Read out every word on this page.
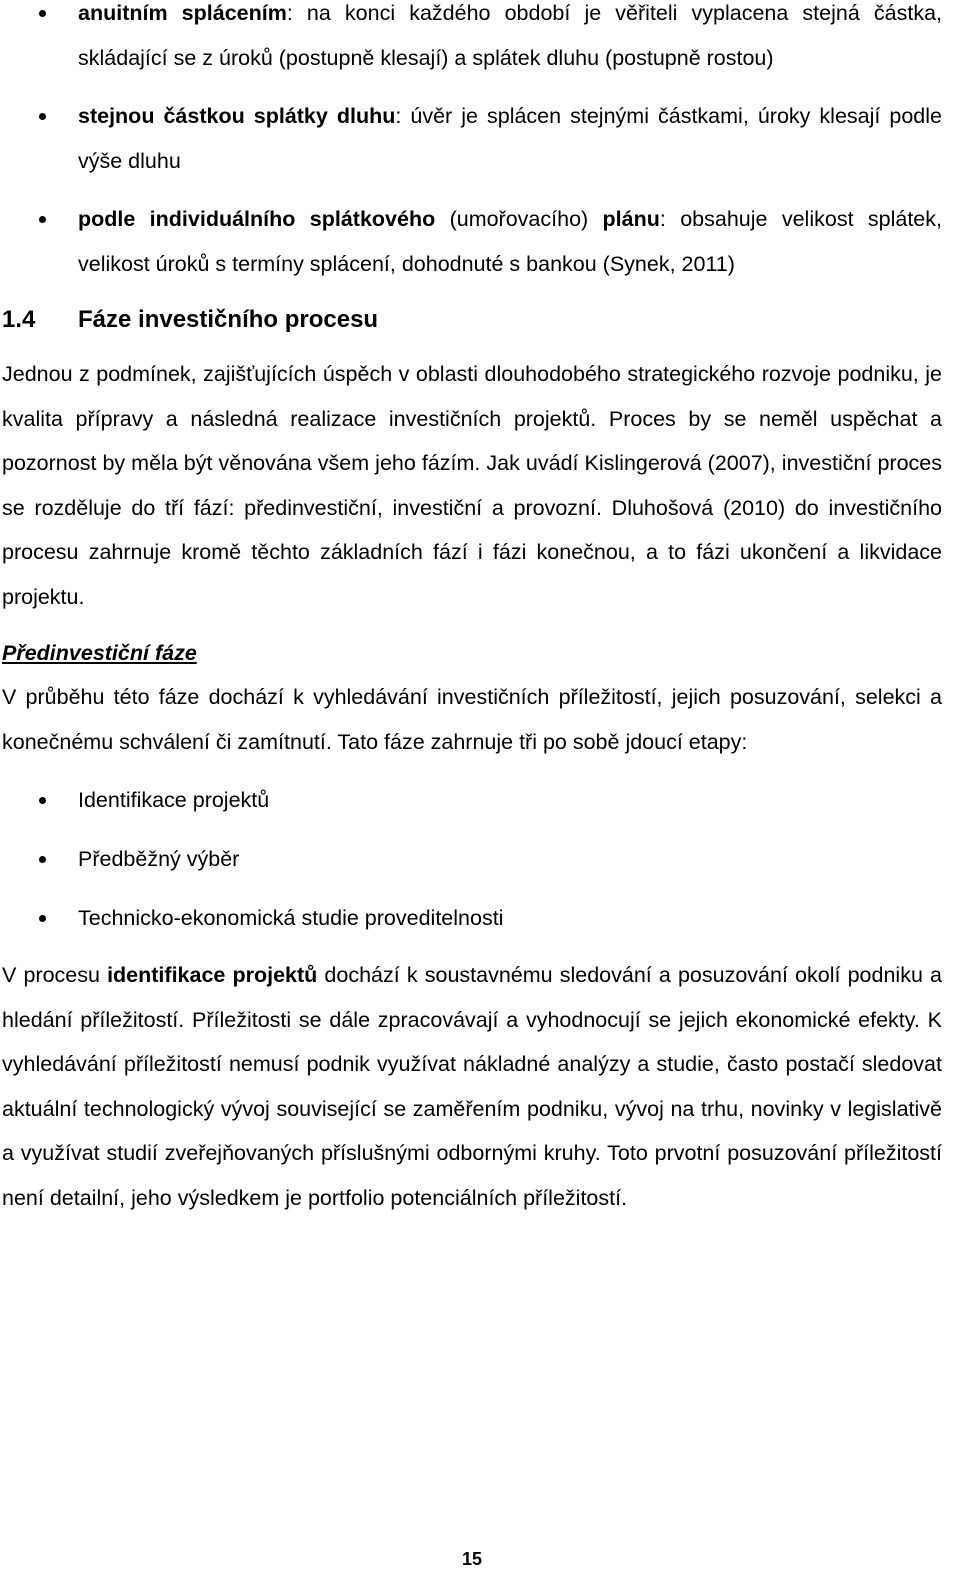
anuitním splácením: na konci každého období je věřiteli vyplacena stejná částka, skládající se z úroků (postupně klesají) a splátek dluhu (postupně rostou)
stejnou částkou splátky dluhu: úvěr je splácen stejnými částkami, úroky klesají podle výše dluhu
podle individuálního splátkového (umořovacího) plánu: obsahuje velikost splátek, velikost úroků s termíny splácení, dohodnuté s bankou (Synek, 2011)
1.4	Fáze investičního procesu

Jednou z podmínek, zajišťujících úspěch v oblasti dlouhodobého strategického rozvoje podniku, je kvalita přípravy a následná realizace investičních projektů. Proces by se neměl uspěchat a pozornost by měla být věnována všem jeho fázím. Jak uvádí Kislingerová (2007), investiční proces se rozděluje do tří fází: předinvestiční, investiční a provozní. Dluhošová (2010) do investičního procesu zahrnuje kromě těchto základních fází i fázi konečnou, a to fázi ukončení a likvidace projektu.

Předinvestiční fáze

V průběhu této fáze dochází k vyhledávání investičních příležitostí, jejich posuzování, selekci a konečnému schválení či zamítnutí. Tato fáze zahrnuje tři po sobě jdoucí etapy:

Identifikace projektů
Předběžný výběr
Technicko-ekonomická studie proveditelnosti

V procesu identifikace projektů dochází k soustavnému sledování a posuzování okolí podniku a hledání příležitostí. Příležitosti se dále zpracovávají a vyhodnocují se jejich ekonomické efekty. K vyhledávání příležitostí nemusí podnik využívat nákladné analýzy a studie, často postačí sledovat aktuální technologický vývoj související se zaměřením podniku, vývoj na trhu, novinky v legislativě a využívat studií zveřejňovaných příslušnými odbornými kruhy. Toto prvotní posuzování příležitostí není detailní, jeho výsledkem je portfolio potenciálních příležitostí.

15
